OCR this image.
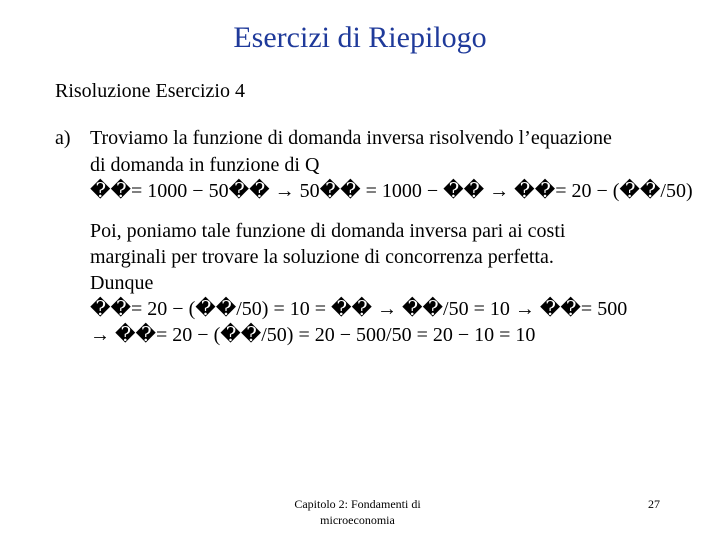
Esercizi di Riepilogo
Risoluzione Esercizio 4
a) Troviamo la funzione di domanda inversa risolvendo l’equazione
di domanda in funzione di Q
��= 1000 − 50�� → 50�� = 1000 − �� → ��= 20 − (��/50)
Poi, poniamo tale funzione di domanda inversa pari ai costi
marginali per trovare la soluzione di concorrenza perfetta.
Dunque
��= 20 − (��/50) = 10 = �� → ��/50 = 10 → ��= 500
→ ��= 20 − (��/50) = 20 − 500/50 = 20 − 10 = 10
Capitolo 2: Fondamenti di microeconomia
27
